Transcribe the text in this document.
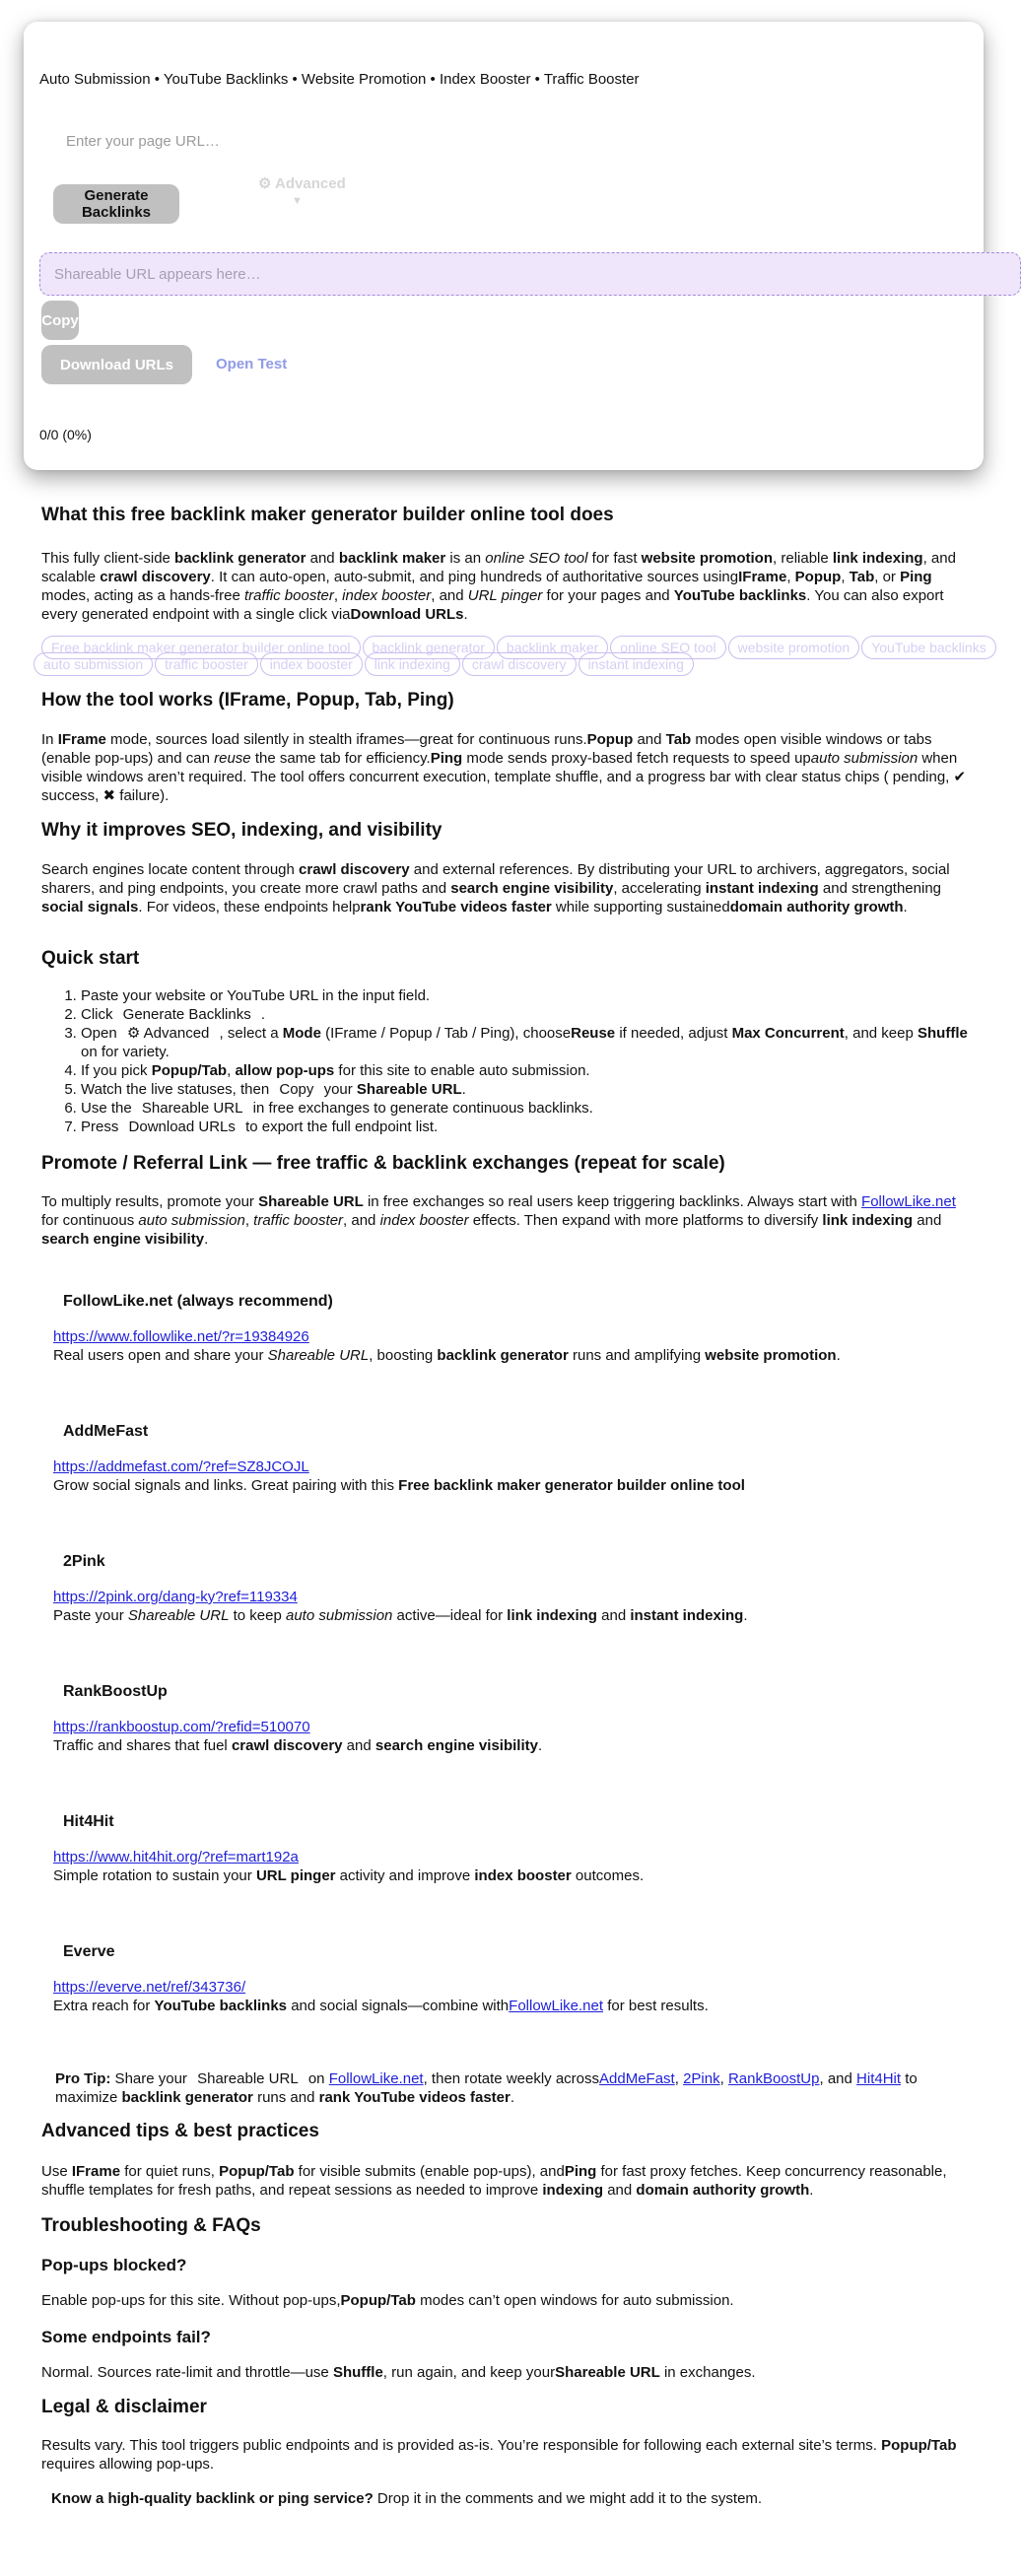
Auto Submission • YouTube Backlinks • Website Promotion • Index Booster • Traffic Booster
Enter your page URL…
Generate Backlinks
⚙ Advanced
▼
Shareable URL appears here…
Copy
Download URLs	Open Test
0/0 (0%)
What this free backlink maker generator builder online tool does

This fully client-side backlink generator and backlink maker is an online SEO tool for fast website promotion, reliable link indexing, and scalable crawl discovery. It can auto-open, auto-submit, and ping hundreds of authoritative sources usingIFrame, Popup, Tab, or Ping modes, acting as a hands-free traffic booster, index booster, and URL pinger for your pages and YouTube backlinks. You can also export every generated endpoint with a single click viaDownload URLs.

Free backlink maker generator builder online tool backlink generator backlink maker online SEO tool website promotion YouTube backlinks
auto submission traffic booster index booster link indexing crawl discovery instant indexing
How the tool works (IFrame, Popup, Tab, Ping)

In IFrame mode, sources load silently in stealth iframes—great for continuous runs.Popup and Tab modes open visible windows or tabs (enable pop-ups) and can reuse the same tab for efficiency.Ping mode sends proxy-based fetch requests to speed upauto submission when visible windows aren’t required. The tool offers concurrent execution, template shuffle, and a progress bar with clear status chips ( pending, ✔ success, ✖ failure).

Why it improves SEO, indexing, and visibility

Search engines locate content through crawl discovery and external references. By distributing your URL to archivers, aggregators, social sharers, and ping endpoints, you create more crawl paths and search engine visibility, accelerating instant indexing and strengthening social signals. For videos, these endpoints helprank YouTube videos faster while supporting sustaineddomain authority growth.

Quick start
1. Paste your website or YouTube URL in the input field.
2. Click Generate Backlinks .
3. Open ⚙ Advanced , select a Mode (IFrame / Popup / Tab / Ping), chooseReuse if needed, adjust Max Concurrent, and keep Shuffle on for variety.
4. If you pick Popup/Tab, allow pop-ups for this site to enable auto submission.
5. Watch the live statuses, then Copy your Shareable URL.
6. Use the Shareable URL in free exchanges to generate continuous backlinks.
7. Press Download URLs to export the full endpoint list.
Promote / Referral Link — free traffic & backlink exchanges (repeat for scale)

To multiply results, promote your Shareable URL in free exchanges so real users keep triggering backlinks. Always start with FollowLike.net for continuous auto submission, traffic booster, and index booster effects. Then expand with more platforms to diversify link indexing and search engine visibility.

FollowLike.net (always recommend)
https://www.followlike.net/?r=19384926
Real users open and share your Shareable URL, boosting backlink generator runs and amplifying website promotion.
AddMeFast
https://addmefast.com/?ref=SZ8JCOJL
Grow social signals and links. Great pairing with this Free backlink maker generator builder online tool
2Pink
https://2pink.org/dang-ky?ref=119334
Paste your Shareable URL to keep auto submission active—ideal for link indexing and instant indexing.
RankBoostUp
https://rankboostup.com/?refid=510070
Traffic and shares that fuel crawl discovery and search engine visibility.
Hit4Hit
https://www.hit4hit.org/?ref=mart192a
Simple rotation to sustain your URL pinger activity and improve index booster outcomes.
Everve
https://everve.net/ref/343736/
Extra reach for YouTube backlinks and social signals—combine withFollowLike.net for best results.
Pro Tip: Share your Shareable URL on FollowLike.net, then rotate weekly acrossAddMeFast, 2Pink, RankBoostUp, and Hit4Hit to maximize backlink generator runs and rank YouTube videos faster.
Advanced tips & best practices

Use IFrame for quiet runs, Popup/Tab for visible submits (enable pop-ups), andPing for fast proxy fetches. Keep concurrency reasonable, shuffle templates for fresh paths, and repeat sessions as needed to improve indexing and domain authority growth.

Troubleshooting & FAQs
Pop-ups blocked?

Enable pop-ups for this site. Without pop-ups,Popup/Tab modes can’t open windows for auto submission.

Some endpoints fail?

Normal. Sources rate-limit and throttle—use Shuffle, run again, and keep yourShareable URL in exchanges.

Legal & disclaimer

Results vary. This tool triggers public endpoints and is provided as-is. You’re responsible for following each external site’s terms. Popup/Tab requires allowing pop-ups.

Know a high-quality backlink or ping service? Drop it in the comments and we might add it to the system.
